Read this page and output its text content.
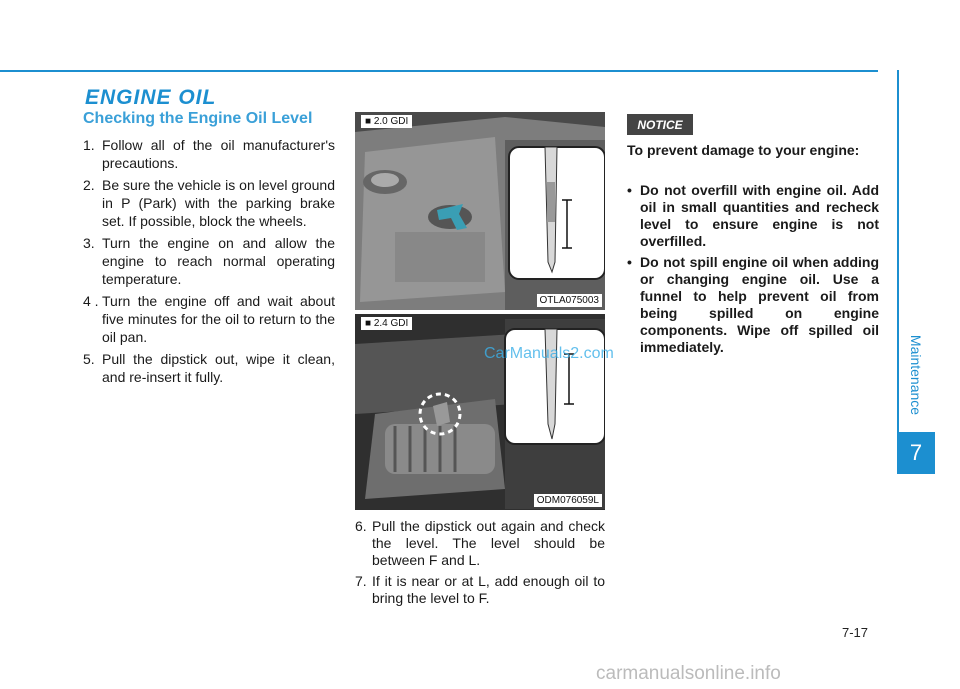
ENGINE OIL
Checking the Engine Oil Level
1. Follow all of the oil manufacturer's precautions.
2. Be sure the vehicle is on level ground in P (Park) with the parking brake set. If possible, block the wheels.
3. Turn the engine on and allow the engine to reach normal operating temperature.
4 . Turn the engine off and wait about five minutes for the oil to return to the oil pan.
5. Pull the dipstick out, wipe it clean, and re-insert it fully.
■ 2.0 GDI
OTLA075003
■ 2.4 GDI
ODM076059L
CarManuals2.com
6. Pull the dipstick out again and check the level. The level should be between F and L.
7. If it is near or at L, add enough oil to bring the level to F.
NOTICE
To prevent damage to your engine:
• Do not overfill with engine oil. Add oil in small quantities and recheck level to ensure engine is not overfilled.
• Do not spill engine oil when adding or changing engine oil. Use a funnel to help prevent oil from being spilled on engine components. Wipe off spilled oil immediately.	Maintenance
7
7-17
carmanualsonline.info
